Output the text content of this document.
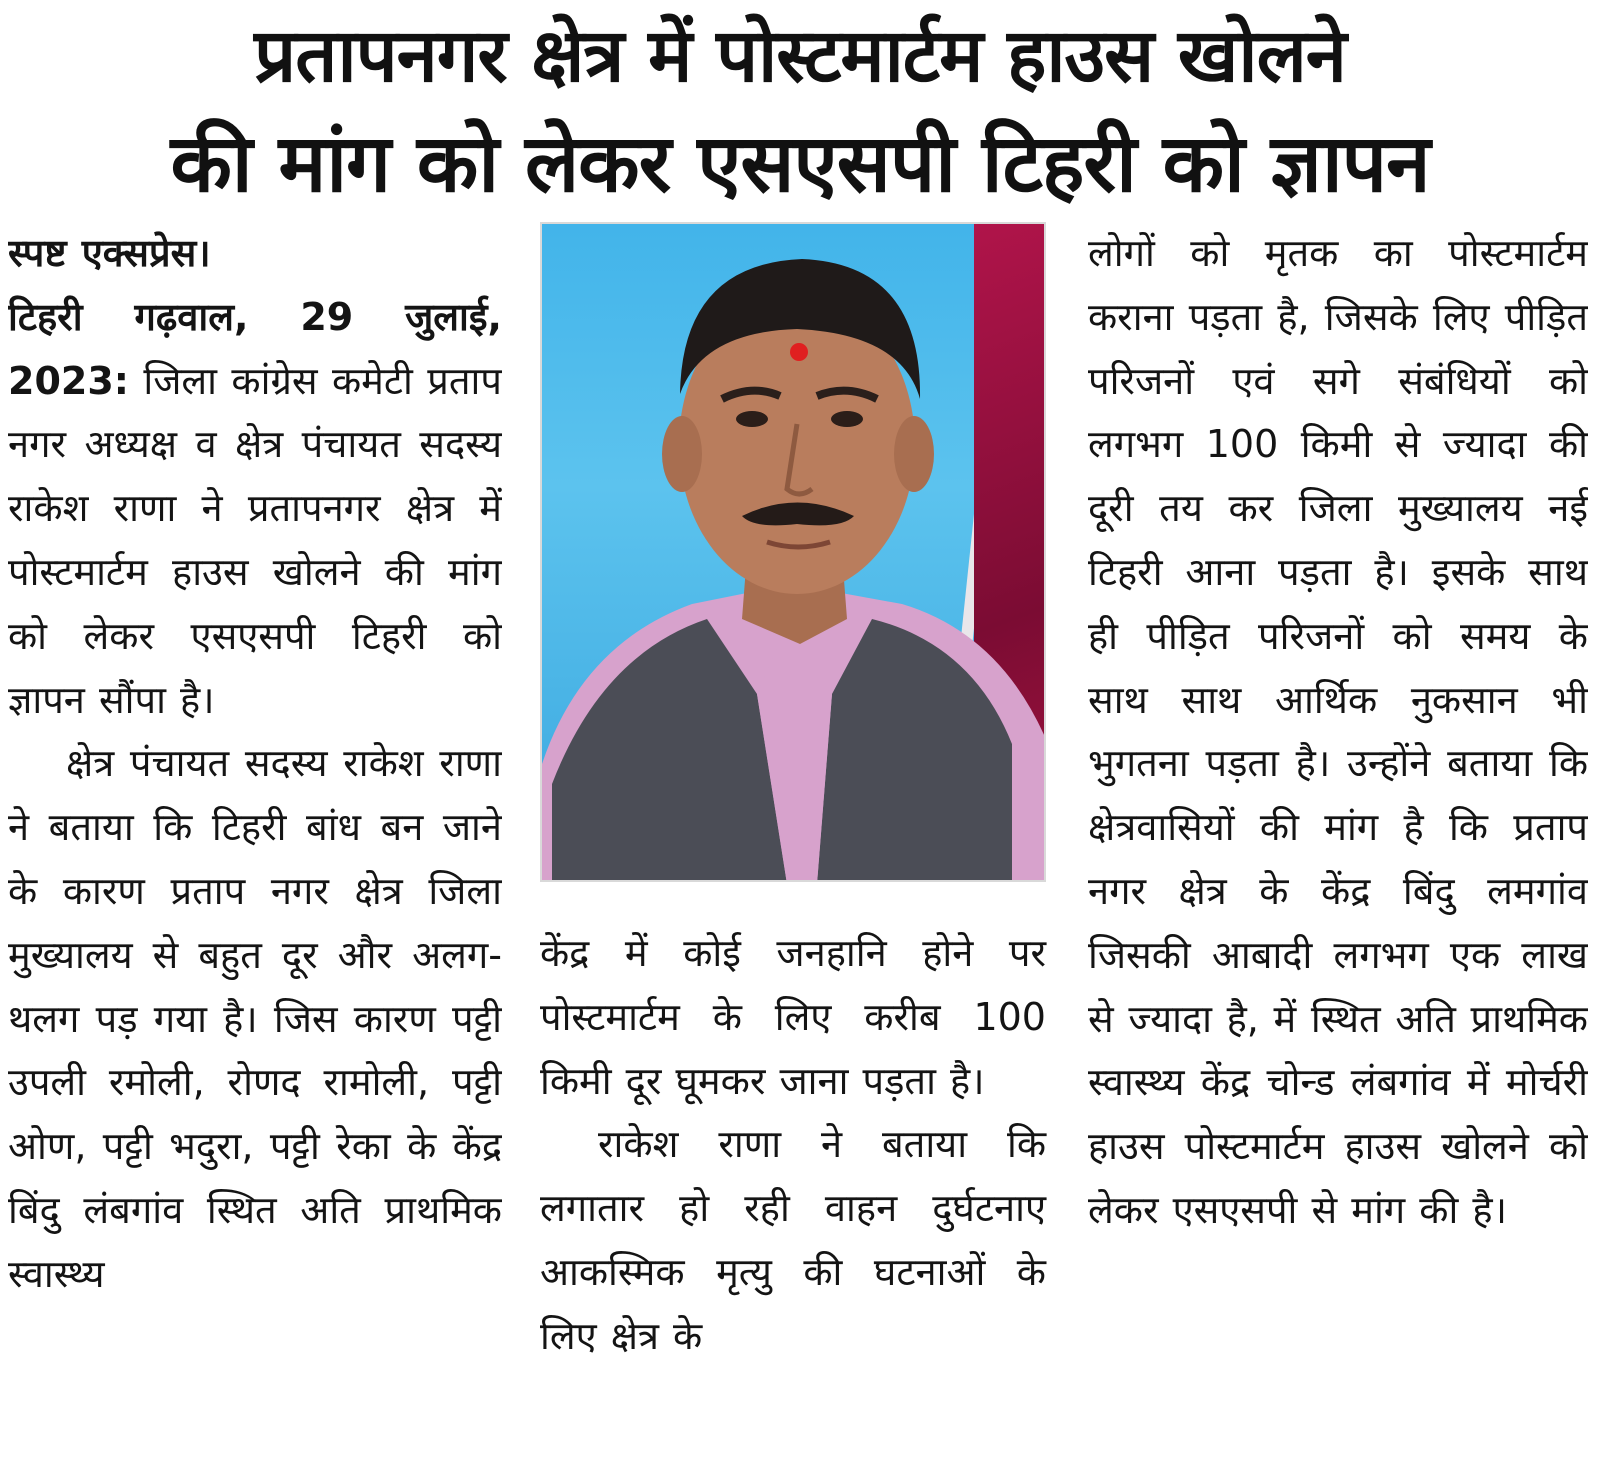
प्रतापनगर क्षेत्र में पोस्टमार्टम हाउस खोलने
की मांग को लेकर एसएसपी टिहरी को ज्ञापन

स्पष्ट एक्सप्रेस।
टिहरी गढ़वाल, 29 जुलाई, 2023: जिला कांग्रेस कमेटी प्रताप नगर अध्यक्ष व क्षेत्र पंचायत सदस्य राकेश राणा ने प्रतापनगर क्षेत्र में पोस्टमार्टम हाउस खोलने की मांग को लेकर एसएसपी टिहरी को ज्ञापन सौंपा है।

क्षेत्र पंचायत सदस्य राकेश राणा ने बताया कि टिहरी बांध बन जाने के कारण प्रताप नगर क्षेत्र जिला मुख्यालय से बहुत दूर और अलग-थलग पड़ गया है। जिस कारण पट्टी उपली रमोली, रोणद रामोली, पट्टी ओण, पट्टी भदुरा, पट्टी रेका के केंद्र बिंदु लंबगांव स्थित अति प्राथमिक स्वास्थ्य

केंद्र में कोई जनहानि होने पर पोस्टमार्टम के लिए करीब 100 किमी दूर घूमकर जाना पड़ता है।

राकेश राणा ने बताया कि लगातार हो रही वाहन दुर्घटनाए आकस्मिक मृत्यु की घटनाओं के लिए क्षेत्र के

लोगों को मृतक का पोस्टमार्टम कराना पड़ता है, जिसके लिए पीड़ित परिजनों एवं सगे संबंधियों को लगभग 100 किमी से ज्यादा की दूरी तय कर जिला मुख्यालय नई टिहरी आना पड़ता है। इसके साथ ही पीड़ित परिजनों को समय के साथ साथ आर्थिक नुकसान भी भुगतना पड़ता है। उन्होंने बताया कि क्षेत्रवासियों की मांग है कि प्रताप नगर क्षेत्र के केंद्र बिंदु लमगांव जिसकी आबादी लगभग एक लाख से ज्यादा है, में स्थित अति प्राथमिक स्वास्थ्य केंद्र चोन्ड लंबगांव में मोर्चरी हाउस पोस्टमार्टम हाउस खोलने को लेकर एसएसपी से मांग की है।
